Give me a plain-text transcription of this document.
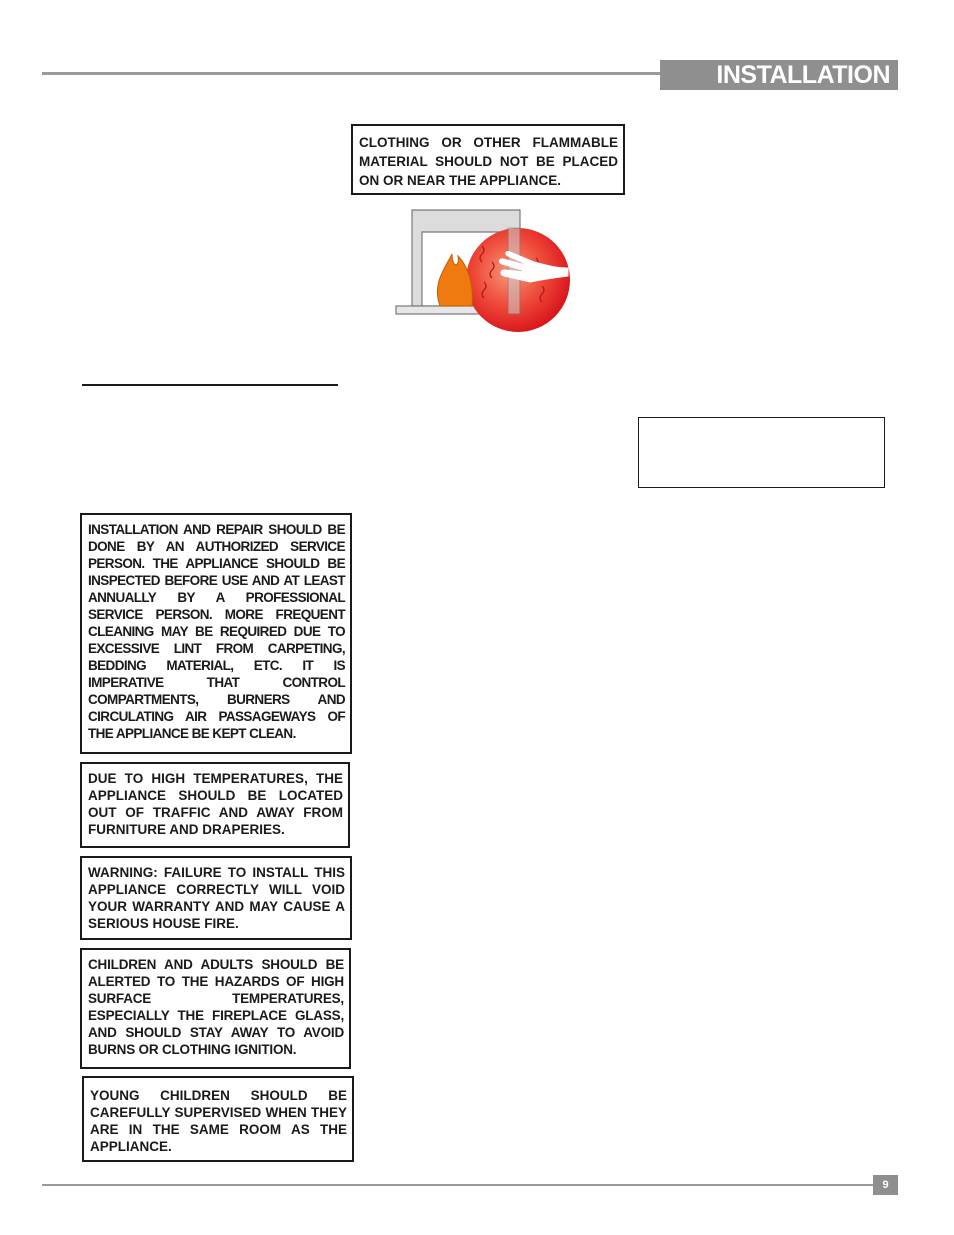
INSTALLATION
CLOTHING OR OTHER FLAMMABLE MATERIAL SHOULD NOT BE PLACED ON OR NEAR THE APPLIANCE.
INSTALLATION AND REPAIR SHOULD BE DONE BY AN AUTHORIZED SERVICE PERSON. THE APPLIANCE SHOULD BE INSPECTED BEFORE USE AND AT LEAST ANNUALLY BY A PROFESSIONAL SERVICE PERSON. MORE FREQUENT CLEANING MAY BE REQUIRED DUE TO EXCESSIVE LINT FROM CARPETING, BEDDING MATERIAL, ETC. IT IS IMPERATIVE THAT CONTROL COMPARTMENTS, BURNERS AND CIRCULATING AIR PASSAGEWAYS OF THE APPLIANCE BE KEPT CLEAN.
DUE TO HIGH TEMPERATURES, THE APPLIANCE SHOULD BE LOCATED OUT OF TRAFFIC AND AWAY FROM FURNITURE AND DRAPERIES.
WARNING: FAILURE TO INSTALL THIS APPLIANCE CORRECTLY WILL VOID YOUR WARRANTY AND MAY CAUSE A SERIOUS HOUSE FIRE.
CHILDREN AND ADULTS SHOULD BE ALERTED TO THE HAZARDS OF HIGH SURFACE TEMPERATURES, ESPECIALLY THE FIREPLACE GLASS, AND SHOULD STAY AWAY TO AVOID BURNS OR CLOTHING IGNITION.
YOUNG CHILDREN SHOULD BE CAREFULLY SUPERVISED WHEN THEY ARE IN THE SAME ROOM AS THE APPLIANCE.
9
